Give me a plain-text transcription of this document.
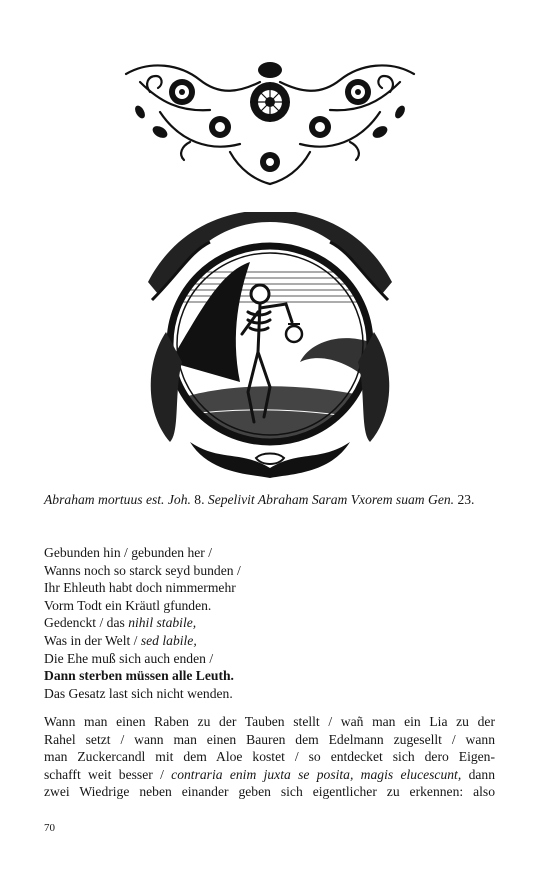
Abraham mortuus est. Joh. 8. Sepelivit Abraham Saram Vxorem suam Gen. 23.
Gebunden hin / gebunden her /
Wanns noch so starck seyd bunden /
Ihr Ehleuth habt doch nimmermehr
Vorm Todt ein Kräutl gfunden.
Gedenckt / das nihil stabile,
Was in der Welt / sed labile,
Die Ehe muß sich auch enden /
Dann sterben müssen alle Leuth.
Das Gesatz last sich nicht wenden.
Wann man einen Raben zu der Tauben stellt / wañ man ein Lia zu der
Rahel setzt / wann man einen Bauren dem Edelmann zugesellt / wann
man Zuckercandl mit dem Aloe kostet / so entdecket sich dero Eigen-
schafft weit besser / contraria enim juxta se posita, magis elucescunt, dann
zwei Wiedrige neben einander geben sich eigentlicher zu erkennen: also
70
